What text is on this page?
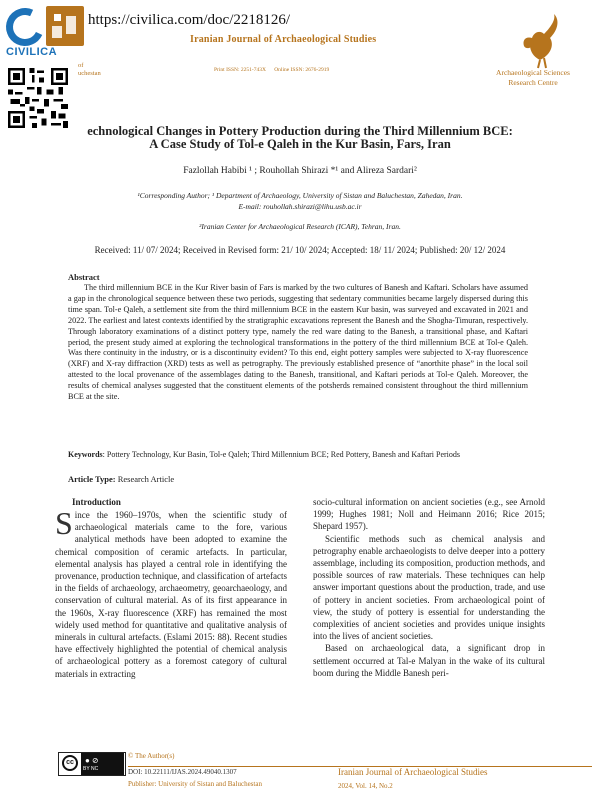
CIVILICA
https://civilica.com/doc/2218126/
Iranian Journal of Archaeological Studies
Print ISSN: 2251-743X Online ISSN: 2676-2919
of
uchestan	Archaeological Sciences
Research Centre
echnological Changes in Pottery Production during the Third Millennium BCE:
A Case Study of Tol-e Qaleh in the Kur Basin, Fars, Iran
Fazlollah Habibi ¹ ; Rouhollah Shirazi *¹ and Alireza Sardari²
¹Corresponding Author; ¹ Department of Archaeology, University of Sistan and Baluchestan, Zahedan, Iran.
E-mail: rouhollah.shirazi@lihu.usb.ac.ir
²Iranian Center for Archaeological Research (ICAR), Tehran, Iran.
Received: 11/ 07/ 2024; Received in Revised form: 21/ 10/ 2024; Accepted: 18/ 11/ 2024; Published: 20/ 12/ 2024
Abstract
The third millennium BCE in the Kur River basin of Fars is marked by the two cultures of Banesh and Kaftari. Scholars have assumed a gap in the chronological sequence between these two periods, suggesting that sedentary communities became largely dispersed during this time span. Tol-e Qaleh, a settlement site from the third millennium BCE in the eastern Kur basin, was surveyed and excavated in 2021 and 2022. The earliest and latest contexts identified by the stratigraphic excavations represent the Banesh and the Shogha-Timuran, respectively. Through laboratory examinations of a distinct pottery type, namely the red ware dating to the Banesh, a transitional phase, and Kaftari period, the present study aimed at exploring the technological transformations in the pottery of the third millennium BCE at Tol-e Qaleh. Was there continuity in the industry, or is a discontinuity evident? To this end, eight pottery samples were subjected to X-ray fluorescence (XRF) and X-ray diffraction (XRD) tests as well as petrography. The previously established presence of “anorthite phase” in the local soil attested to the local provenance of the assemblages dating to the Banesh, transitional, and Kaftari periods at Tol-e Qaleh. Moreover, the results of chemical analyses suggested that the constituent elements of the potsherds remained consistent throughout the third millennium BCE at the site.
Keywords: Pottery Technology, Kur Basin, Tol-e Qaleh; Third Millennium BCE; Red Pottery, Banesh and Kaftari Periods
Article Type: Research Article
Introduction
Since the 1960–1970s, when the scientific study of archaeological materials came to the fore, various analytical methods have been adopted to examine the chemical composition of ceramic artefacts. In particular, elemental analysis has played a central role in identifying the provenance, production technique, and classification of artefacts in the fields of archaeology, archaeometry, geoarchaeology, and conservation of cultural material. As of its first appearance in the 1960s, X-ray fluorescence (XRF) has remained the most widely used method for quantitative and qualitative analysis of minerals in cultural artefacts. (Eslami 2015: 88). Recent studies have effectively highlighted the potential of chemical analysis of archaeological pottery as a foremost category of cultural materials in extracting

socio-cultural information on ancient societies (e.g., see Arnold 1999; Hughes 1981; Noll and Heimann 2016; Rice 2015; Shepard 1957).

Scientific methods such as chemical analysis and petrography enable archaeologists to delve deeper into a pottery assemblage, including its composition, production methods, and possible sources of raw materials. These techniques can help answer important questions about the production, trade, and use of pottery in ancient societies. From archaeological point of view, the study of pottery is essential for understanding the complexities of ancient societies and provides unique insights into the lives of ancient societies.

Based on archaeological data, a significant drop in settlement occurred at Tal-e Malyan in the wake of its cultural boom during the Middle Banesh peri-

cc	● ⊘
BY NC
© The Author(s)
DOI: 10.22111/IJAS.2024.49040.1307
Publisher: University of Sistan and Baluchestan
Iranian Journal of Archaeological Studies
2024, Vol. 14, No.2
